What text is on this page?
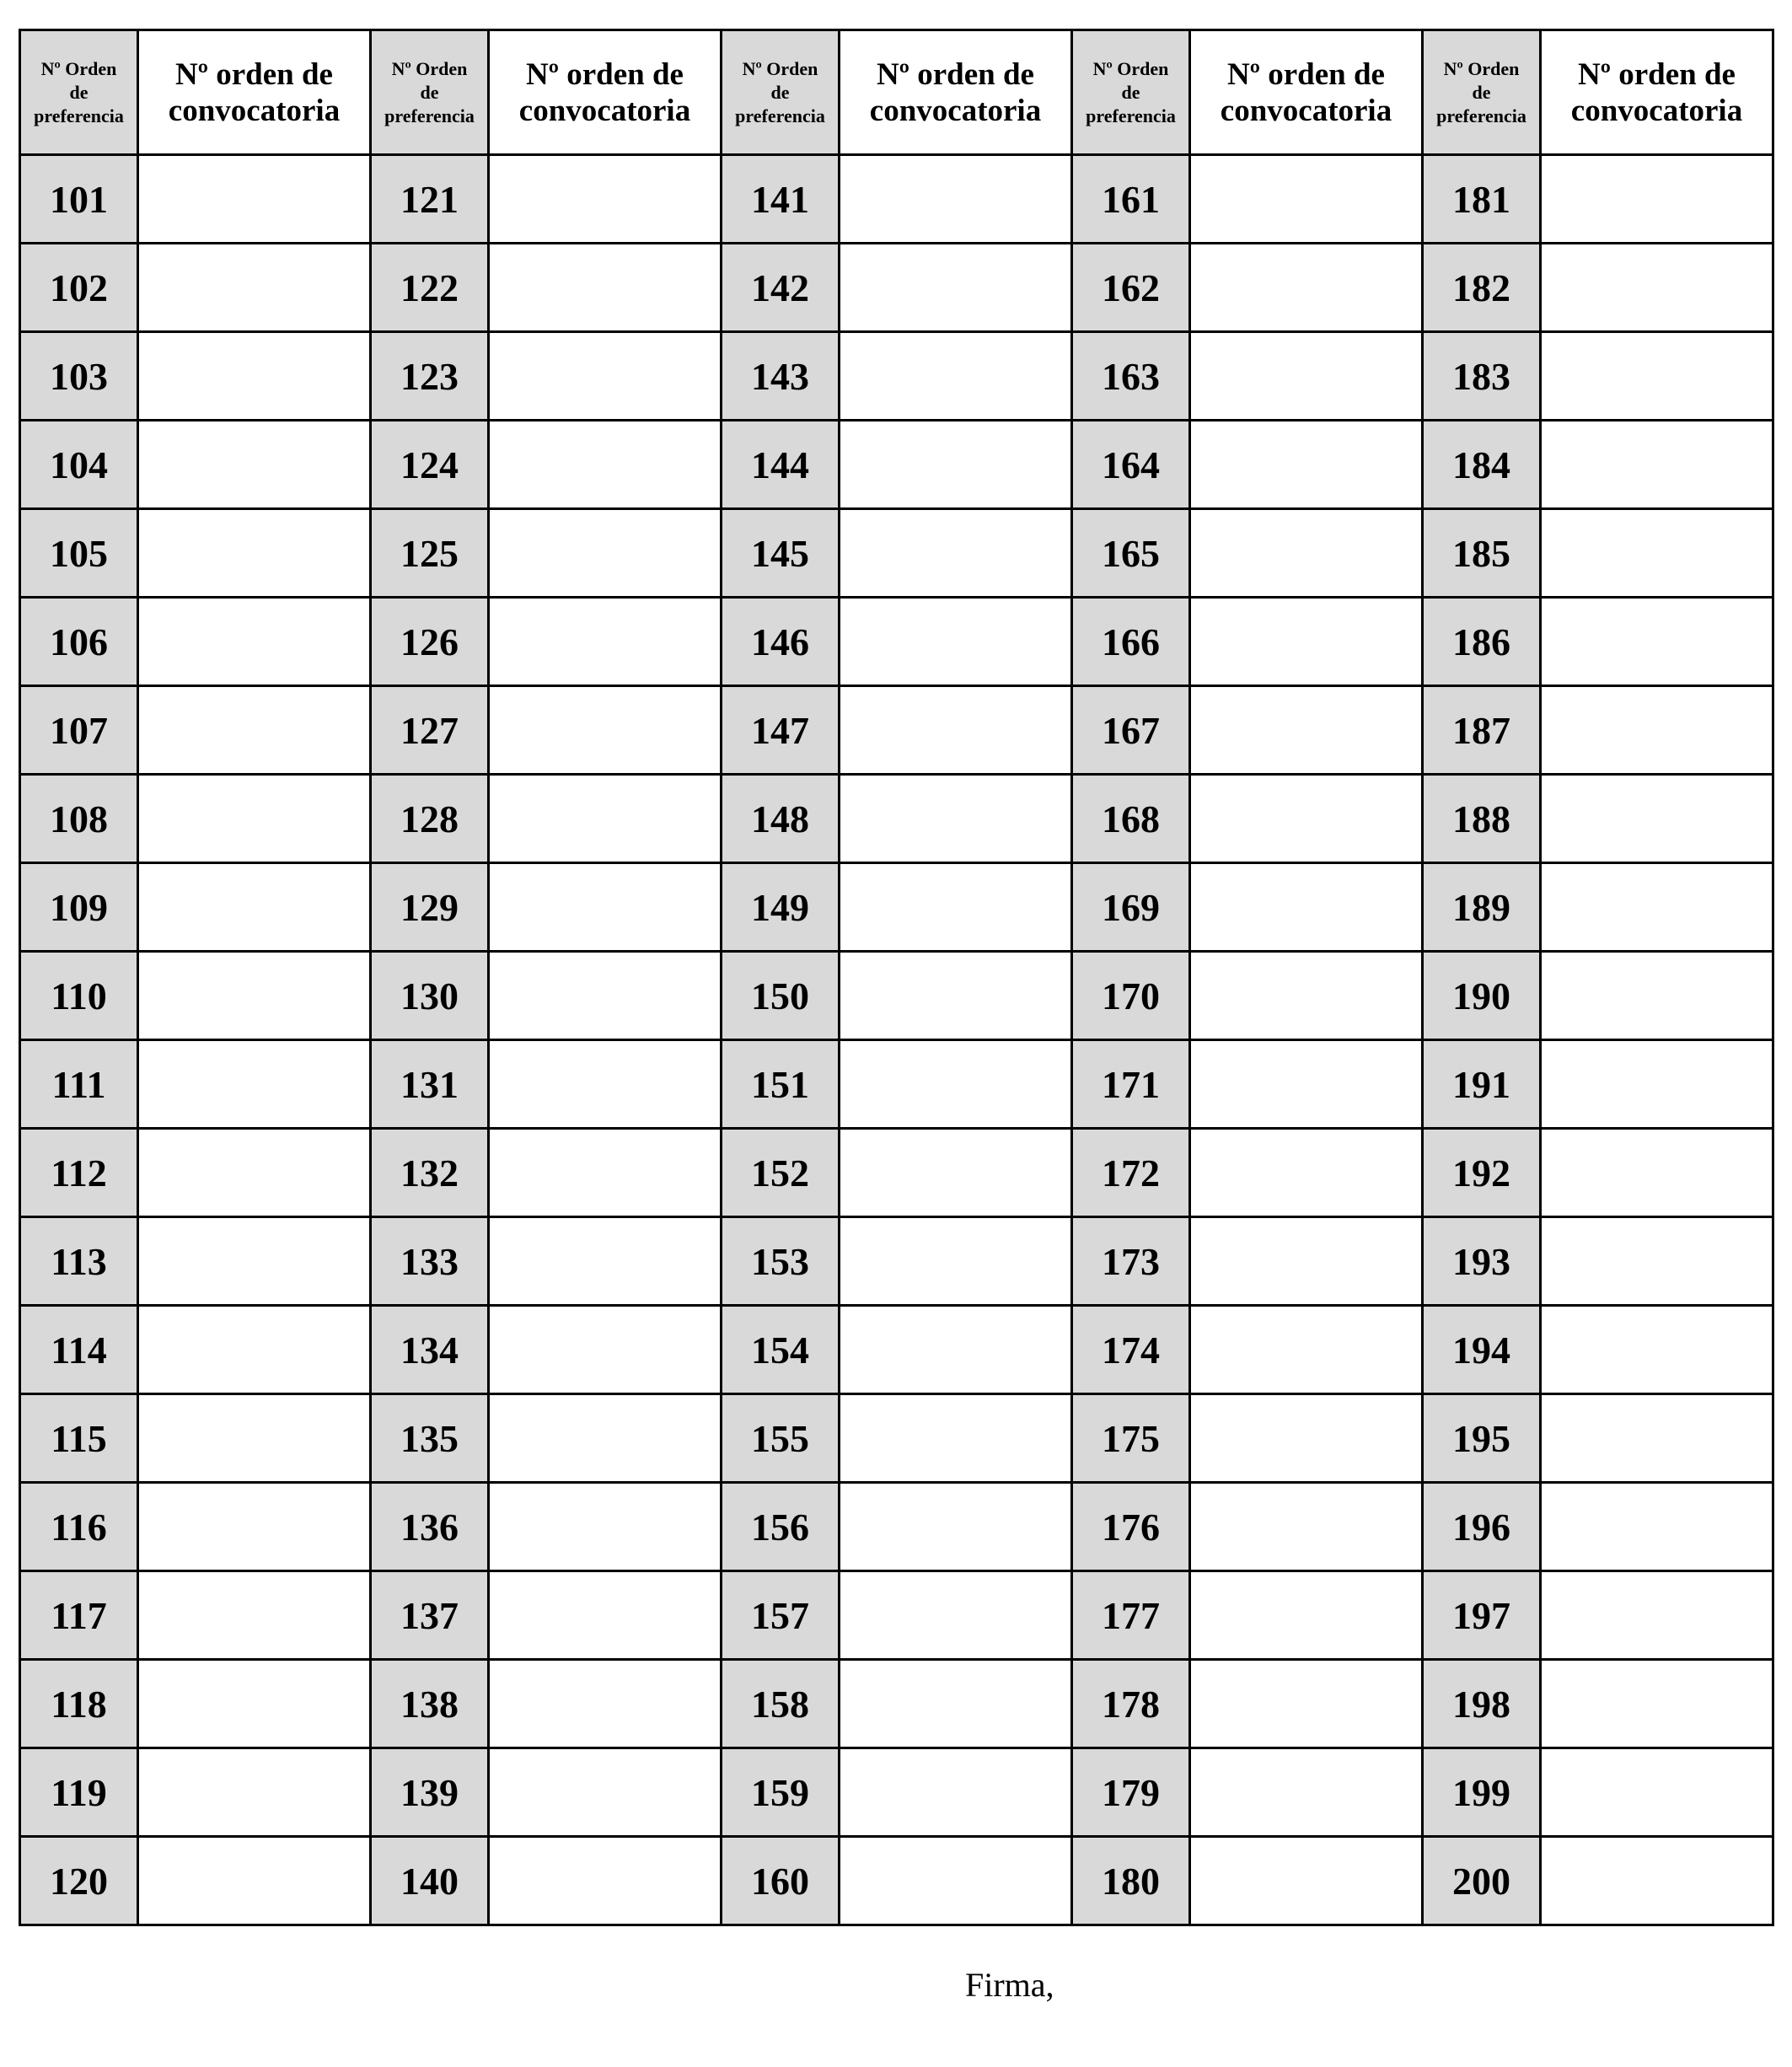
Nº Orden
de
preferencia	Nº orden de
convocatoria	Nº Orden
de
preferencia	Nº orden de
convocatoria	Nº Orden
de
preferencia	Nº orden de
convocatoria	Nº Orden
de
preferencia	Nº orden de
convocatoria	Nº Orden
de
preferencia	Nº orden de
convocatoria

101		121		141		161		181	
102		122		142		162		182	
103		123		143		163		183	
104		124		144		164		184	
105		125		145		165		185	
106		126		146		166		186	
107		127		147		167		187	
108		128		148		168		188	
109		129		149		169		189	
110		130		150		170		190	
111		131		151		171		191	
112		132		152		172		192	
113		133		153		173		193	
114		134		154		174		194	
115		135		155		175		195	
116		136		156		176		196	
117		137		157		177		197	
118		138		158		178		198	
119		139		159		179		199	
120		140		160		180		200	
Firma,
